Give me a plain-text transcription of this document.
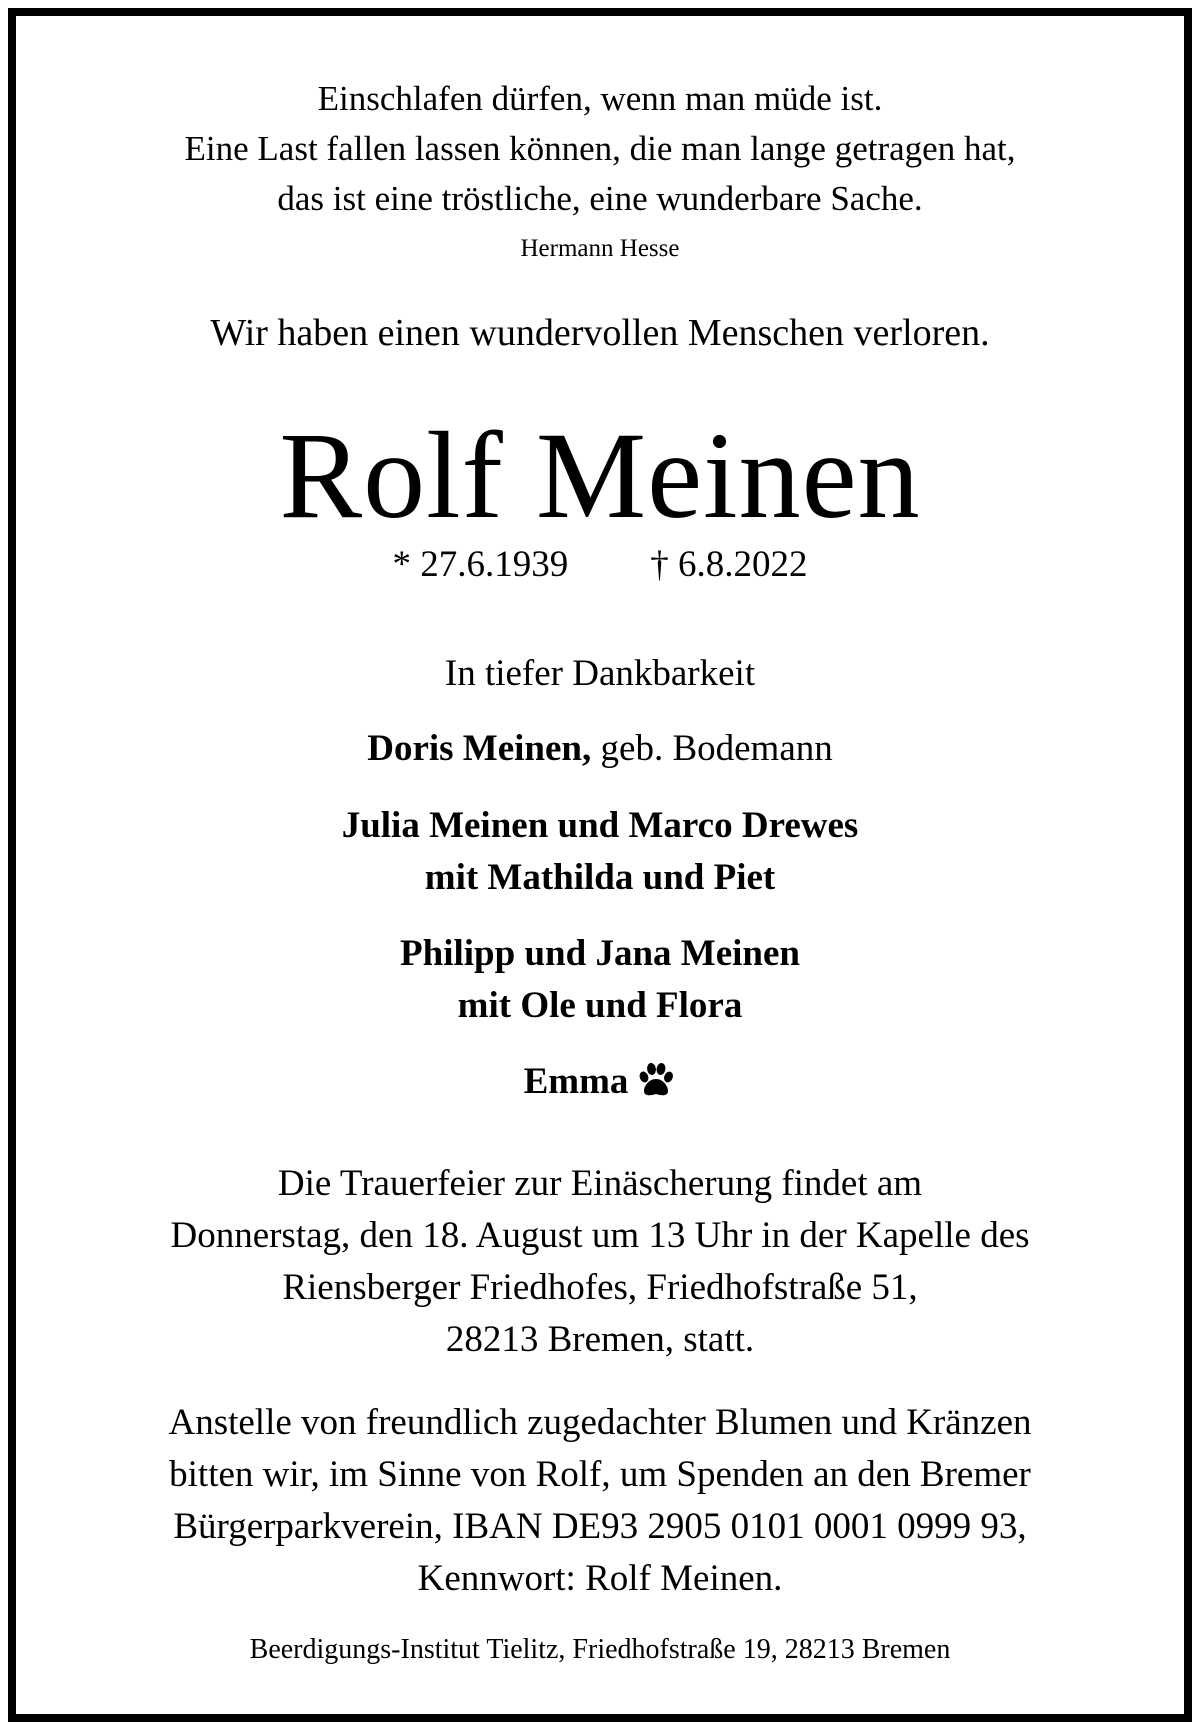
Einschlafen dürfen, wenn man müde ist.
Eine Last fallen lassen können, die man lange getragen hat,
das ist eine tröstliche, eine wunderbare Sache.
Hermann Hesse
Wir haben einen wundervollen Menschen verloren.
Rolf Meinen
* 27.6.1939 † 6.8.2022
In tiefer Dankbarkeit
Doris Meinen, geb. Bodemann
Julia Meinen und Marco Drewes
mit Mathilda und Piet
Philipp und Jana Meinen
mit Ole und Flora
Emma
Die Trauerfeier zur Einäscherung findet am
Donnerstag, den 18. August um 13 Uhr in der Kapelle des
Riensberger Friedhofes, Friedhofstraße 51,
28213 Bremen, statt.
Anstelle von freundlich zugedachter Blumen und Kränzen
bitten wir, im Sinne von Rolf, um Spenden an den Bremer
Bürgerparkverein, IBAN DE93 2905 0101 0001 0999 93,
Kennwort: Rolf Meinen.
Beerdigungs-Institut Tielitz, Friedhofstraße 19, 28213 Bremen
